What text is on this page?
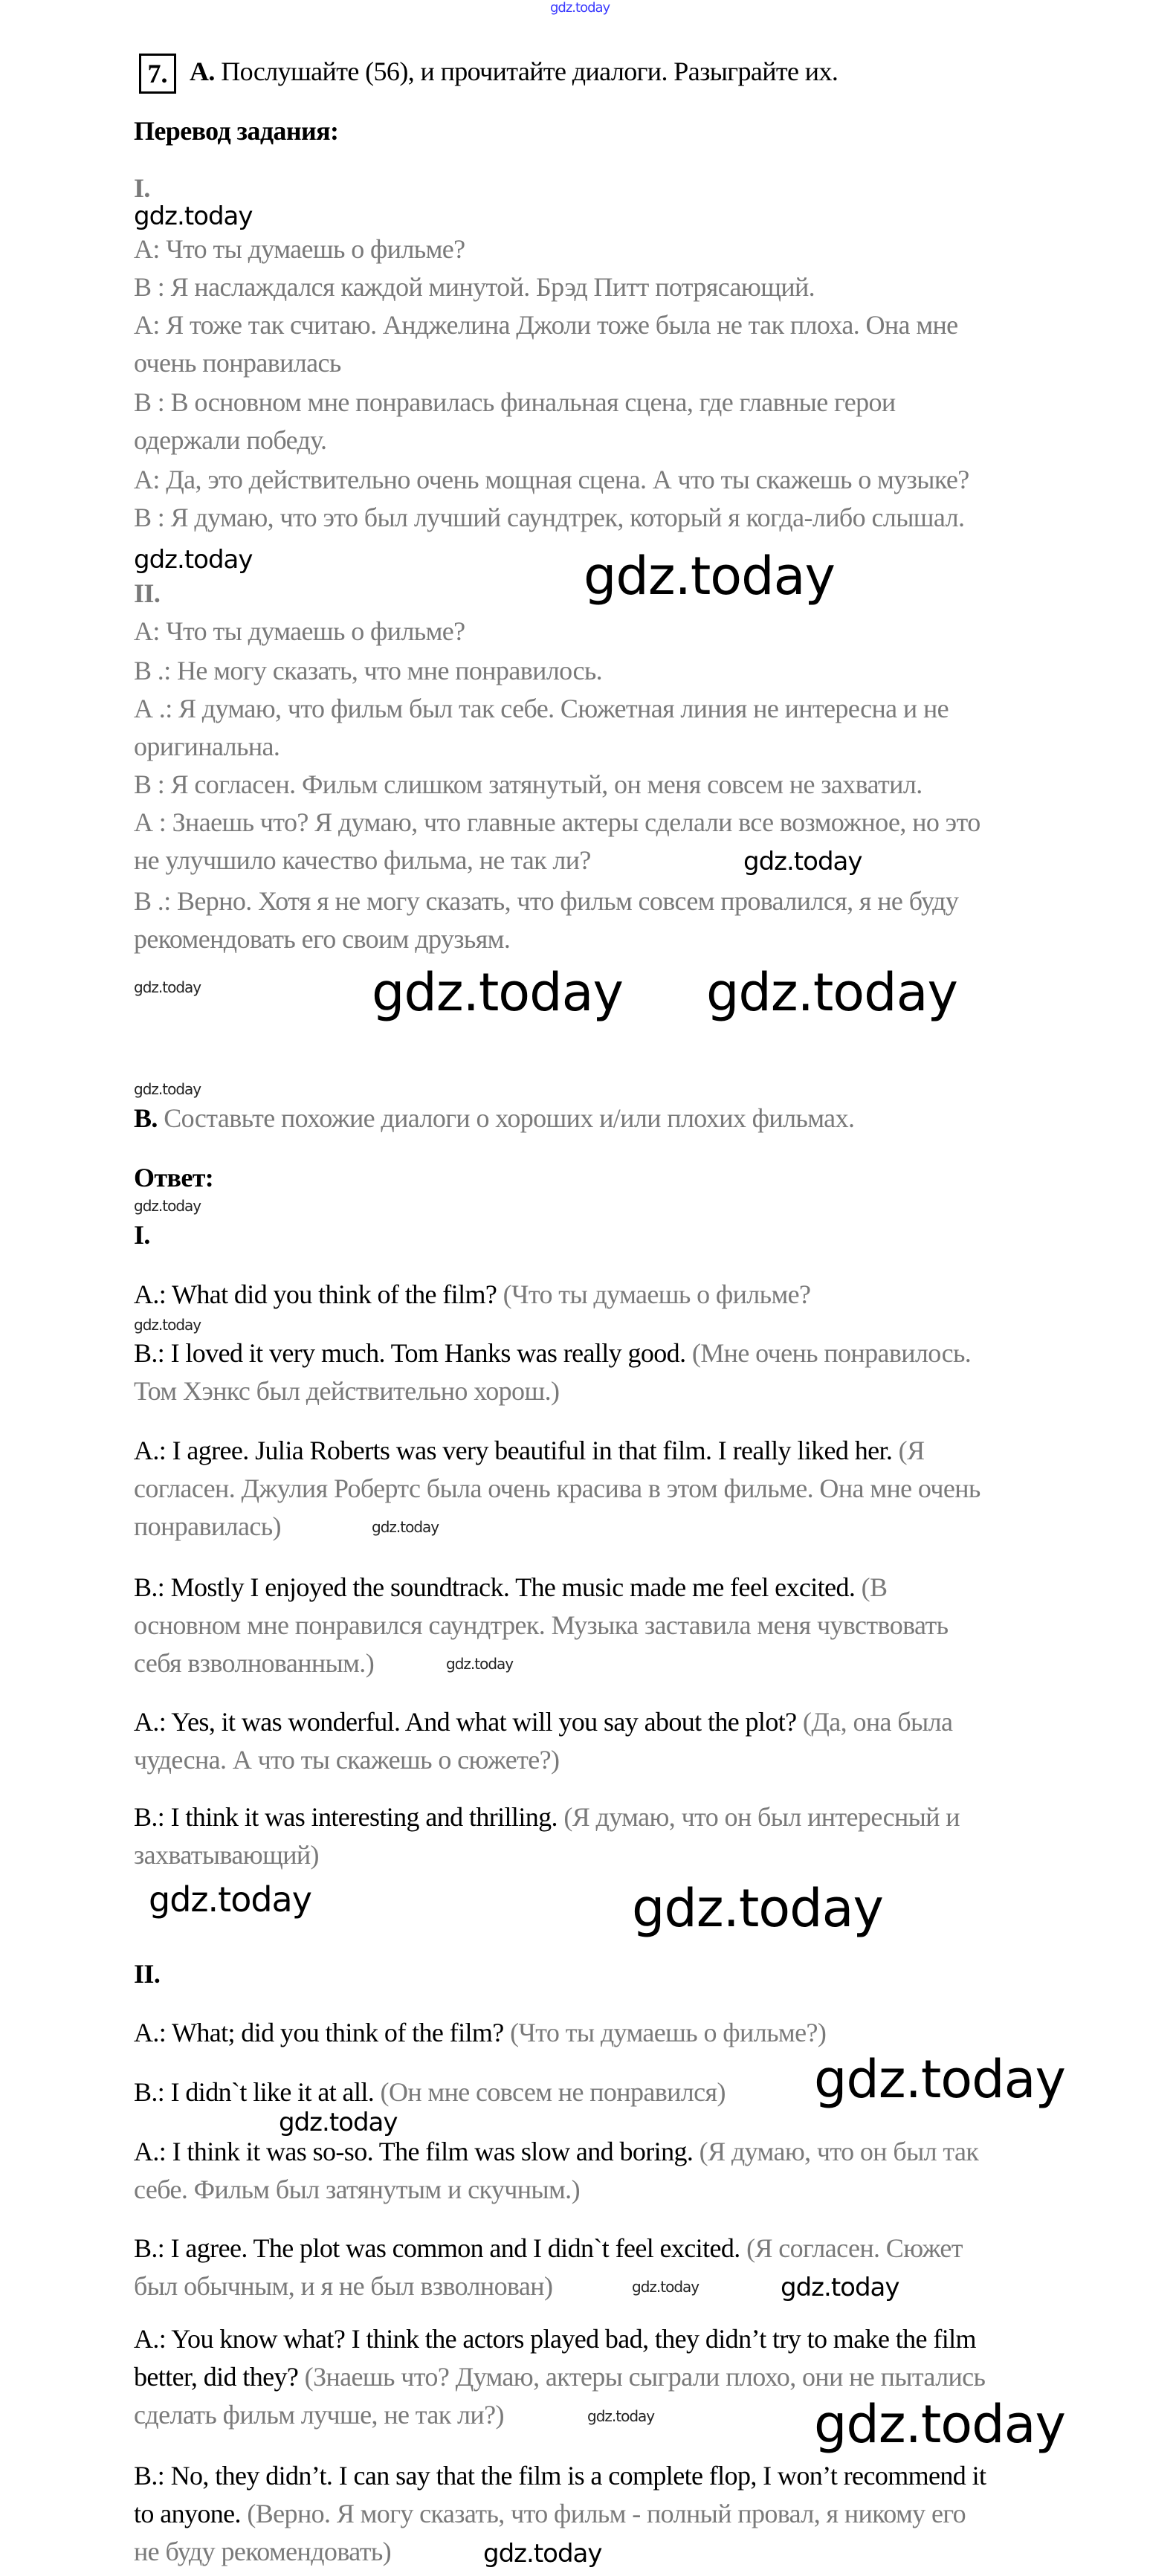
gdz.today
gdz.today
gdz.today
gdz.today
gdz.today
gdz.today
gdz.today
gdz.today
gdz.today
gdz.today
gdz.today
gdz.today
gdz.today
gdz.today
gdz.today
gdz.today
gdz.today
gdz.today	gdz.today
gdz.today
gdz.today
gdz.today
7. А. Послушайте (56), и прочитайте диалоги. Разыграйте их.
Перевод задания:
I.
A: Что ты думаешь о фильме?
В : Я наслаждался каждой минутой. Брэд Питт потрясающий.
А: Я тоже так считаю. Анджелина Джоли тоже была не так плоха. Она мне
очень понравилась
В : В основном мне понравилась финальная сцена, где главные герои
одержали победу.
А: Да, это действительно очень мощная сцена. А что ты скажешь о музыке?
В : Я думаю, что это был лучший саундтрек, который я когда-либо слышал.
II.
A: Что ты думаешь о фильме?
В .: Не могу сказать, что мне понравилось.
А .: Я думаю, что фильм был так себе. Сюжетная линия не интересна и не
оригинальна.
В : Я согласен. Фильм слишком затянутый, он меня совсем не захватил.
А : Знаешь что? Я думаю, что главные актеры сделали все возможное, но это
не улучшило качество фильма, не так ли?
В .: Верно. Хотя я не могу сказать, что фильм совсем провалился, я не буду
рекомендовать его своим друзьям.
B. Составьте похожие диалоги о хороших и/или плохих фильмах.
Ответ:
I.
A.: What did you think of the film? (Что ты думаешь о фильме?
B.: I loved it very much. Tom Hanks was really good. (Мне очень понравилось.
Том Хэнкс был действительно хорош.)
A.: I agree. Julia Roberts was very beautiful in that film. I really liked her. (Я
согласен. Джулия Робертс была очень красива в этом фильме. Она мне очень
понравилась)
B.: Mostly I enjoyed the soundtrack. The music made me feel excited. (В
основном мне понравился саундтрек. Музыка заставила меня чувствовать
себя взволнованным.)
A.: Yes, it was wonderful. And what will you say about the plot? (Да, она была
чудесна. А что ты скажешь о сюжете?)
B.: I think it was interesting and thrilling. (Я думаю, что он был интересный и
захватывающий)
II.
A.: What; did you think of the film? (Что ты думаешь о фильме?)
B.: I didn`t like it at all. (Он мне совсем не понравился)
A.: I think it was so-so. The film was slow and boring. (Я думаю, что он был так
себе. Фильм был затянутым и скучным.)
B.: I agree. The plot was common and I didn`t feel excited. (Я согласен. Сюжет
был обычным, и я не был взволнован)
A.: You know what? I think the actors played bad, they didn’t try to make the film
better, did they? (Знаешь что? Думаю, актеры сыграли плохо, они не пытались
сделать фильм лучше, не так ли?)
B.: No, they didn’t. I can say that the film is a complete flop, I won’t recommend it
to anyone. (Верно. Я могу сказать, что фильм - полный провал, я никому его
не буду рекомендовать)
